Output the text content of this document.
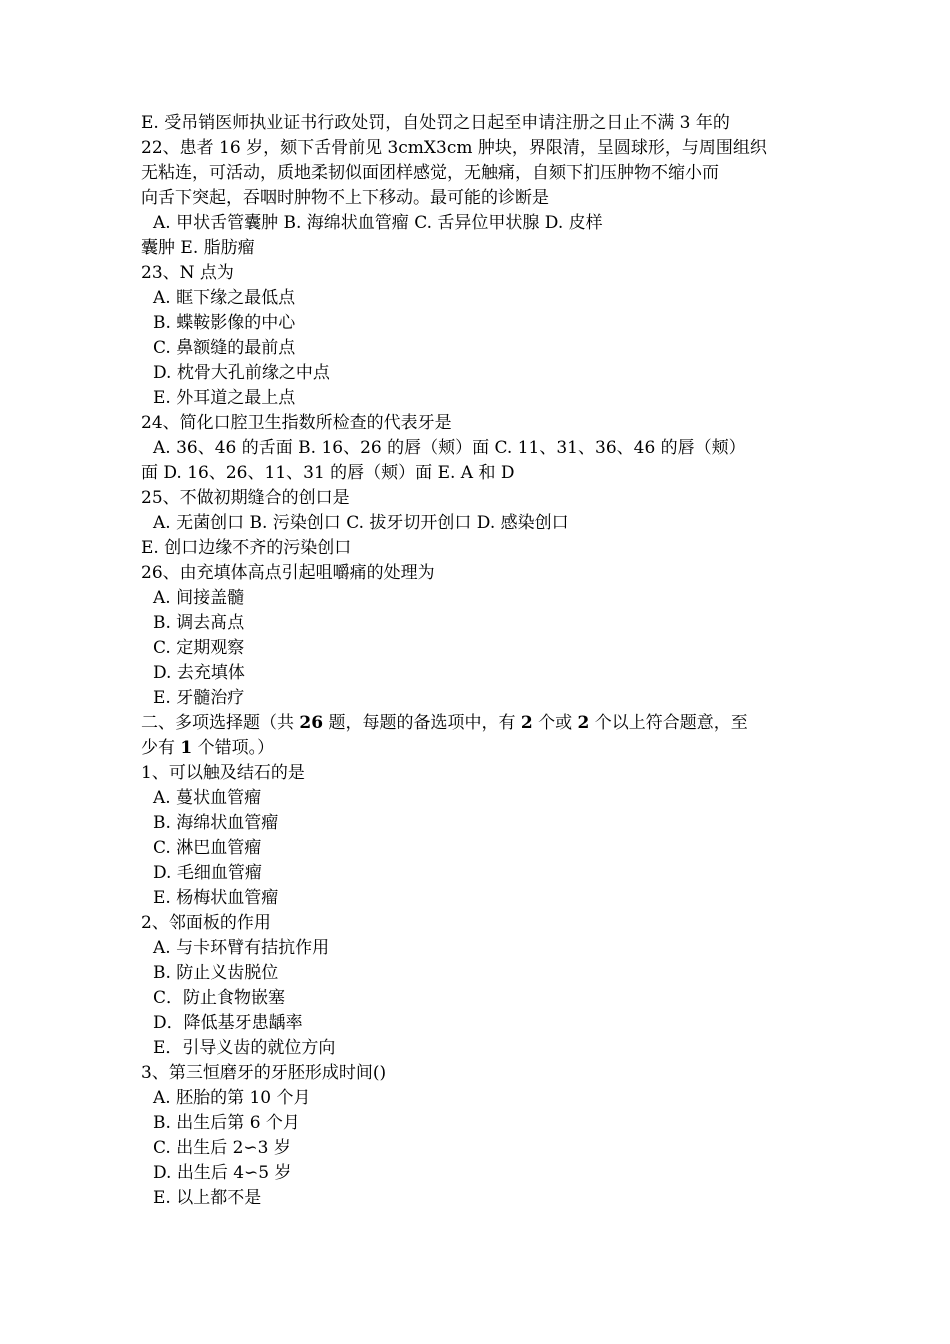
E. 受吊销医师执业证书行政处罚，自处罚之日起至申请注册之日止不满 3 年的
22、患者 16 岁，颏下舌骨前见 3cmX3cm 肿块，界限清，呈圆球形，与周围组织
无粘连，可活动，质地柔韧似面团样感觉，无触痛，自颏下扪压肿物不缩小而
向舌下突起，吞咽时肿物不上下移动。最可能的诊断是
A. 甲状舌管囊肿 B. 海绵状血管瘤 C. 舌异位甲状腺 D. 皮样
囊肿 E. 脂肪瘤
23、N 点为
A. 眶下缘之最低点
B. 蝶鞍影像的中心
C. 鼻额缝的最前点
D. 枕骨大孔前缘之中点
E. 外耳道之最上点
24、简化口腔卫生指数所检查的代表牙是
A. 36、46 的舌面 B. 16、26 的唇（颊）面 C. 11、31、36、46 的唇（颊）
面 D. 16、26、11、31 的唇（颊）面 E. A 和 D
25、不做初期缝合的创口是
A. 无菌创口 B. 污染创口 C. 拔牙切开创口 D. 感染创口
E. 创口边缘不齐的污染创口
26、由充填体高点引起咀嚼痛的处理为
A. 间接盖髓
B. 调去髙点
C. 定期观察
D. 去充填体
E. 牙髓治疗
二、多项选择题（共 26 题，每题的备选项中，有 2 个或 2 个以上符合题意，至
少有 1 个错项。）
1、可以触及结石的是
A. 蔓状血管瘤
B. 海绵状血管瘤
C. 淋巴血管瘤
D. 毛细血管瘤
E. 杨梅状血管瘤
2、邻面板的作用
A. 与卡环臂有拮抗作用
B. 防止义齿脱位
C．防止食物嵌塞
D．降低基牙患龋率
E．引导义齿的就位方向
3、第三恒磨牙的牙胚形成时间()
A. 胚胎的第 10 个月
B. 出生后第 6 个月
C. 出生后 2∽3 岁
D. 出生后 4∽5 岁
E. 以上都不是
